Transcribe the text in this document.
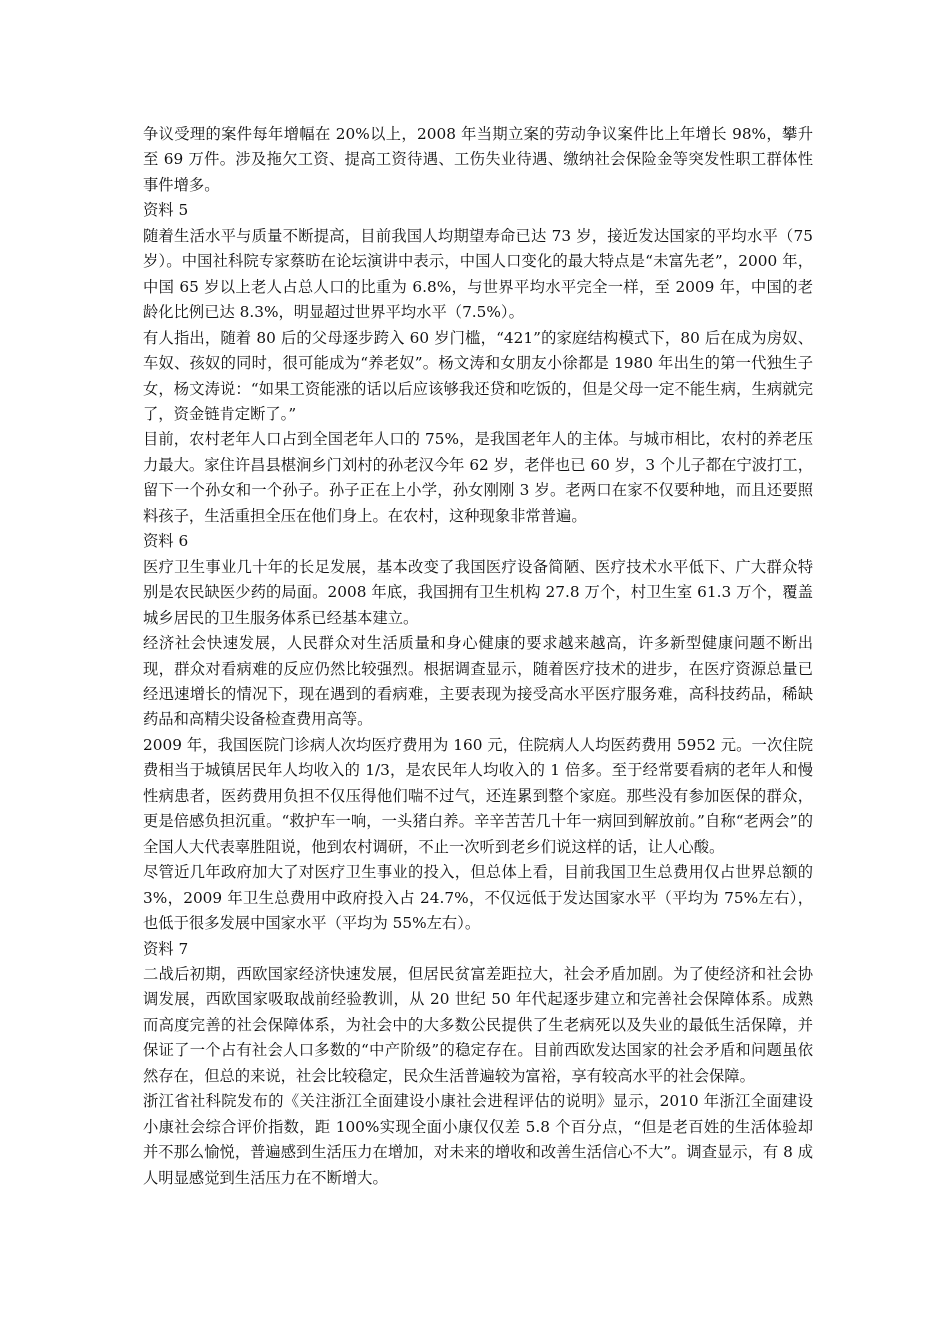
争议受理的案件每年增幅在 20%以上，2008 年当期立案的劳动争议案件比上年增长 98%，攀升至 69 万件。涉及拖欠工资、提高工资待遇、工伤失业待遇、缴纳社会保险金等突发性职工群体性事件增多。

资料 5

随着生活水平与质量不断提高，目前我国人均期望寿命已达 73 岁，接近发达国家的平均水平（75 岁）。中国社科院专家蔡昉在论坛演讲中表示，中国人口变化的最大特点是“未富先老”，2000 年，中国 65 岁以上老人占总人口的比重为 6.8%，与世界平均水平完全一样，至 2009 年，中国的老龄化比例已达 8.3%，明显超过世界平均水平（7.5%）。

有人指出，随着 80 后的父母逐步跨入 60 岁门槛，“421”的家庭结构模式下，80 后在成为房奴、车奴、孩奴的同时，很可能成为“养老奴”。杨文涛和女朋友小徐都是 1980 年出生的第一代独生子女，杨文涛说：“如果工资能涨的话以后应该够我还贷和吃饭的，但是父母一定不能生病，生病就完了，资金链肯定断了。”

目前，农村老年人口占到全国老年人口的 75%，是我国老年人的主体。与城市相比，农村的养老压力最大。家住许昌县椹涧乡门刘村的孙老汉今年 62 岁，老伴也已 60 岁，3 个儿子都在宁波打工，留下一个孙女和一个孙子。孙子正在上小学，孙女刚刚 3 岁。老两口在家不仅要种地，而且还要照料孩子，生活重担全压在他们身上。在农村，这种现象非常普遍。

资料 6

医疗卫生事业几十年的长足发展，基本改变了我国医疗设备简陋、医疗技术水平低下、广大群众特别是农民缺医少药的局面。2008 年底，我国拥有卫生机构 27.8 万个，村卫生室 61.3 万个，覆盖城乡居民的卫生服务体系已经基本建立。

经济社会快速发展，人民群众对生活质量和身心健康的要求越来越高，许多新型健康问题不断出现，群众对看病难的反应仍然比较强烈。根据调查显示，随着医疗技术的进步，在医疗资源总量已经迅速增长的情况下，现在遇到的看病难，主要表现为接受高水平医疗服务难，高科技药品，稀缺药品和高精尖设备检查费用高等。

2009 年，我国医院门诊病人次均医疗费用为 160 元，住院病人人均医药费用 5952 元。一次住院费相当于城镇居民年人均收入的 1/3，是农民年人均收入的 1 倍多。至于经常要看病的老年人和慢性病患者，医药费用负担不仅压得他们喘不过气，还连累到整个家庭。那些没有参加医保的群众，更是倍感负担沉重。“救护车一响，一头猪白养。辛辛苦苦几十年一病回到解放前。”自称“老两会”的全国人大代表辜胜阻说，他到农村调研，不止一次听到老乡们说这样的话，让人心酸。

尽管近几年政府加大了对医疗卫生事业的投入，但总体上看，目前我国卫生总费用仅占世界总额的 3%，2009 年卫生总费用中政府投入占 24.7%，不仅远低于发达国家水平（平均为 75%左右），也低于很多发展中国家水平（平均为 55%左右）。

资料 7

二战后初期，西欧国家经济快速发展，但居民贫富差距拉大，社会矛盾加剧。为了使经济和社会协调发展，西欧国家吸取战前经验教训，从 20 世纪 50 年代起逐步建立和完善社会保障体系。成熟而高度完善的社会保障体系，为社会中的大多数公民提供了生老病死以及失业的最低生活保障，并保证了一个占有社会人口多数的“中产阶级”的稳定存在。目前西欧发达国家的社会矛盾和问题虽依然存在，但总的来说，社会比较稳定，民众生活普遍较为富裕，享有较高水平的社会保障。

浙江省社科院发布的《关注浙江全面建设小康社会进程评估的说明》显示，2010 年浙江全面建设小康社会综合评价指数，距 100%实现全面小康仅仅差 5.8 个百分点，“但是老百姓的生活体验却并不那么愉悦，普遍感到生活压力在增加，对未来的增收和改善生活信心不大”。调查显示，有 8 成人明显感觉到生活压力在不断增大。
